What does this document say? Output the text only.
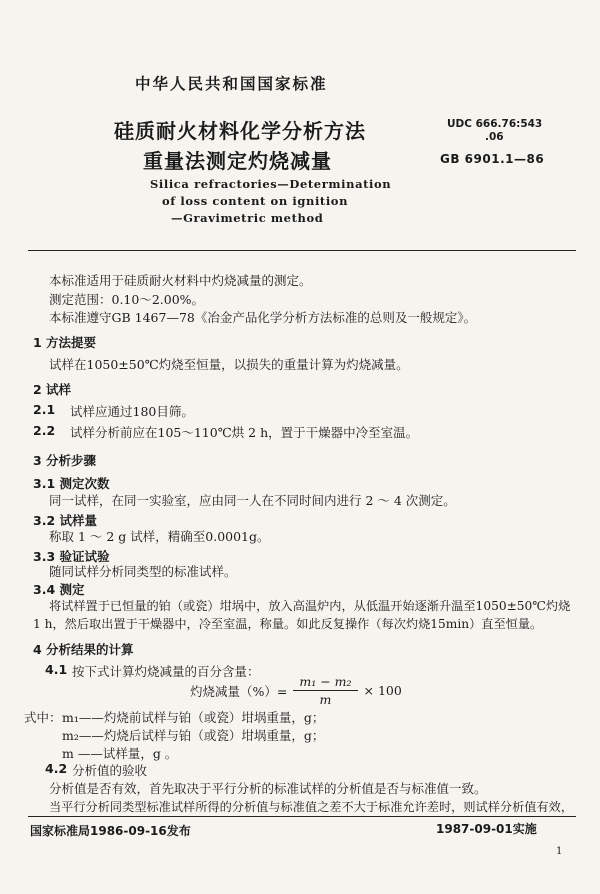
中华人民共和国国家标准
硅质耐火材料化学分析方法
重量法测定灼烧减量
UDC 666.76:543
.06
GB 6901.1—86
Silica refractories—Determination
of loss content on ignition
—Gravimetric method
本标准适用于硅质耐火材料中灼烧减量的测定。
测定范围：0.10～2.00%。
本标准遵守GB 1467—78《冶金产品化学分析方法标准的总则及一般规定》。
1 方法提要
试样在1050±50℃灼烧至恒量，以损失的重量计算为灼烧减量。
2 试样
2.1 试样应通过180目筛。
2.2 试样分析前应在105～110℃烘 2 h，置于干燥器中冷至室温。
3 分析步骤
3.1 测定次数
同一试样，在同一实验室，应由同一人在不同时间内进行 2 ～ 4 次测定。
3.2 试样量
称取 1 ～ 2 g 试样，精确至0.0001g。
3.3 验证试验
随同试样分析同类型的标准试样。
3.4 测定
将试样置于已恒量的铂（或瓷）坩埚中，放入高温炉内，从低温开始逐渐升温至1050±50℃灼烧
1 h，然后取出置于干燥器中，冷至室温，称量。如此反复操作（每次灼烧15min）直至恒量。
4 分析结果的计算
4.1 按下式计算灼烧减量的百分含量：
灼烧减量（%）= $\frac{\text{m₁ − m₂}}{m} \times 100$
式中： m₁——灼烧前试样与铂（或瓷）坩埚重量，g；
m₂——灼烧后试样与铂（或瓷）坩埚重量，g；
m ——试样量，g 。
4.2 分析值的验收
分析值是否有效，首先取决于平行分析的标准试样的分析值是否与标准值一致。
当平行分析同类型标准试样所得的分析值与标准值之差不大于标准允许差时，则试样分析值有效，
国家标准局1986-09-16发布	1987-09-01实施
1
